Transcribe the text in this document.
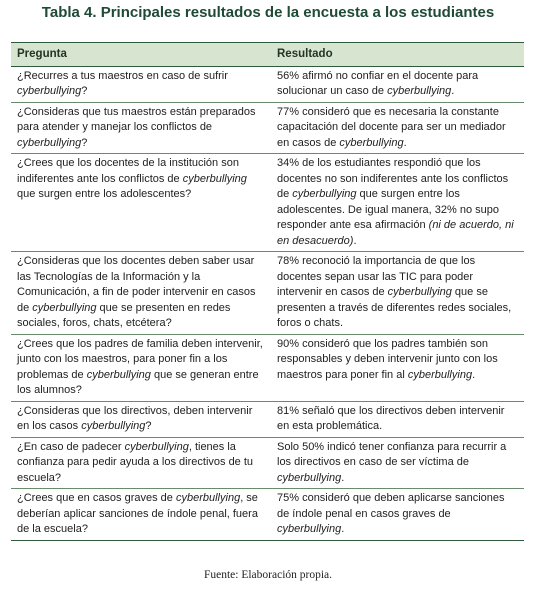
Tabla 4. Principales resultados de la encuesta a los estudiantes
Pregunta	Resultado
¿Recurres a tus maestros en caso de sufrir cyberbullying?	56% afirmó no confiar en el docente para solucionar un caso de cyberbullying.
¿Consideras que tus maestros están preparados para atender y manejar los conflictos de cyberbullying?	77% consideró que es necesaria la constante capacitación del docente para ser un mediador en casos de cyberbullying.
¿Crees que los docentes de la institución son indiferentes ante los conflictos de cyberbullying que surgen entre los adolescentes?	34% de los estudiantes respondió que los docentes no son indiferentes ante los conflictos de cyberbullying que surgen entre los adolescentes. De igual manera, 32% no supo responder ante esa afirmación (ni de acuerdo, ni en desacuerdo).
¿Consideras que los docentes deben saber usar las Tecnologías de la Información y la Comunicación, a fin de poder intervenir en casos de cyberbullying que se presenten en redes sociales, foros, chats, etcétera?	78% reconoció la importancia de que los docentes sepan usar las TIC para poder intervenir en casos de cyberbullying que se presenten a través de diferentes redes sociales, foros o chats.
¿Crees que los padres de familia deben intervenir, junto con los maestros, para poner fin a los problemas de cyberbullying que se generan entre los alumnos?	90% consideró que los padres también son responsables y deben intervenir junto con los maestros para poner fin al cyberbullying.
¿Consideras que los directivos, deben intervenir en los casos cyberbullying?	81% señaló que los directivos deben intervenir en esta problemática.
¿En caso de padecer cyberbullying, tienes la confianza para pedir ayuda a los directivos de tu escuela?	Solo 50% indicó tener confianza para recurrir a los directivos en caso de ser víctima de cyberbullying.
¿Crees que en casos graves de cyberbullying, se deberían aplicar sanciones de índole penal, fuera de la escuela?	75% consideró que deben aplicarse sanciones de índole penal en casos graves de cyberbullying.
Fuente: Elaboración propia.
